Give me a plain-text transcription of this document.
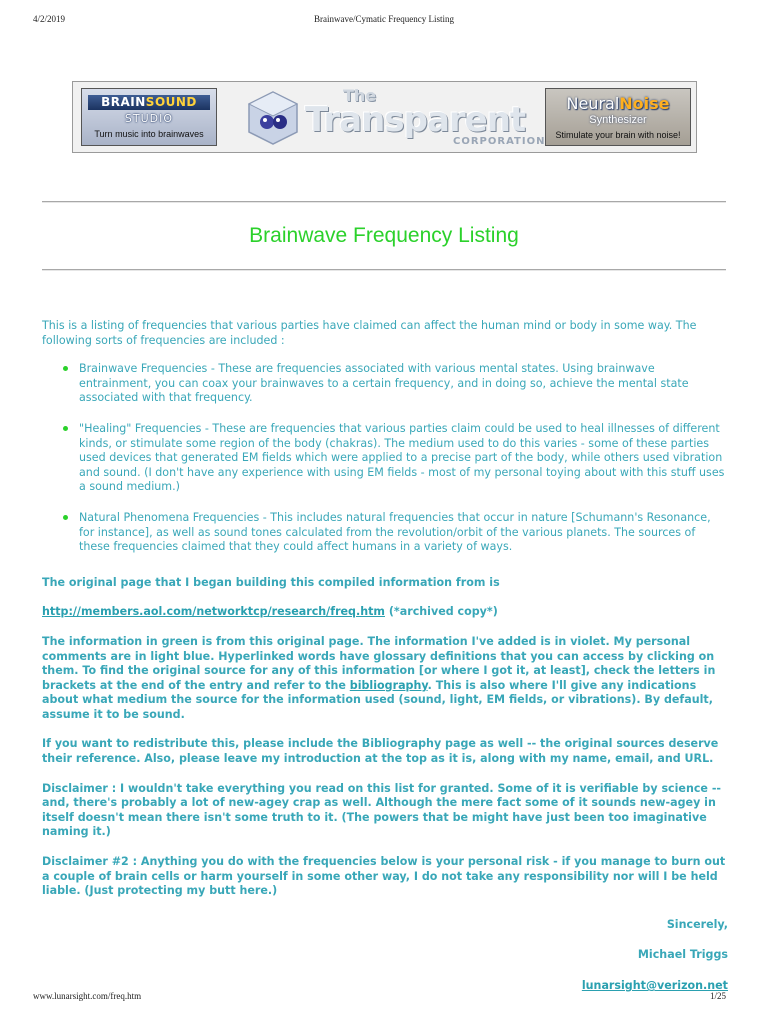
4/2/2019	Brainwave/Cymatic Frequency Listing
BRAINSOUND
STUDIO
Turn music into brainwaves
The
Transparent
CORPORATION
NeuralNoise
Synthesizer
Stimulate your brain with noise!
Brainwave Frequency Listing

This is a listing of frequencies that various parties have claimed can affect the human mind or body in some way. The following sorts of frequencies are included :

Brainwave Frequencies - These are frequencies associated with various mental states. Using brainwave entrainment, you can coax your brainwaves to a certain frequency, and in doing so, achieve the mental state associated with that frequency.
"Healing" Frequencies - These are frequencies that various parties claim could be used to heal illnesses of different kinds, or stimulate some region of the body (chakras). The medium used to do this varies - some of these parties used devices that generated EM fields which were applied to a precise part of the body, while others used vibration and sound. (I don't have any experience with using EM fields - most of my personal toying about with this stuff uses a sound medium.)
Natural Phenomena Frequencies - This includes natural frequencies that occur in nature [Schumann's Resonance, for instance], as well as sound tones calculated from the revolution/orbit of the various planets. The sources of these frequencies claimed that they could affect humans in a variety of ways.

The original page that I began building this compiled information from is

http://members.aol.com/networktcp/research/freq.htm (*archived copy*)

The information in green is from this original page. The information I've added is in violet. My personal comments are in light blue. Hyperlinked words have glossary definitions that you can access by clicking on them. To find the original source for any of this information [or where I got it, at least], check the letters in brackets at the end of the entry and refer to the bibliography. This is also where I'll give any indications about what medium the source for the information used (sound, light, EM fields, or vibrations). By default, assume it to be sound.

If you want to redistribute this, please include the Bibliography page as well -- the original sources deserve their reference. Also, please leave my introduction at the top as it is, along with my name, email, and URL.

Disclaimer : I wouldn't take everything you read on this list for granted. Some of it is verifiable by science -- and, there's probably a lot of new-agey crap as well. Although the mere fact some of it sounds new-agey in itself doesn't mean there isn't some truth to it. (The powers that be might have just been too imaginative naming it.)

Disclaimer #2 : Anything you do with the frequencies below is your personal risk - if you manage to burn out a couple of brain cells or harm yourself in some other way, I do not take any responsibility nor will I be held liable. (Just protecting my butt here.)

Sincerely,

Michael Triggs

lunarsight@verizon.net

www.lunarsight.com/freq.htm	1/25
